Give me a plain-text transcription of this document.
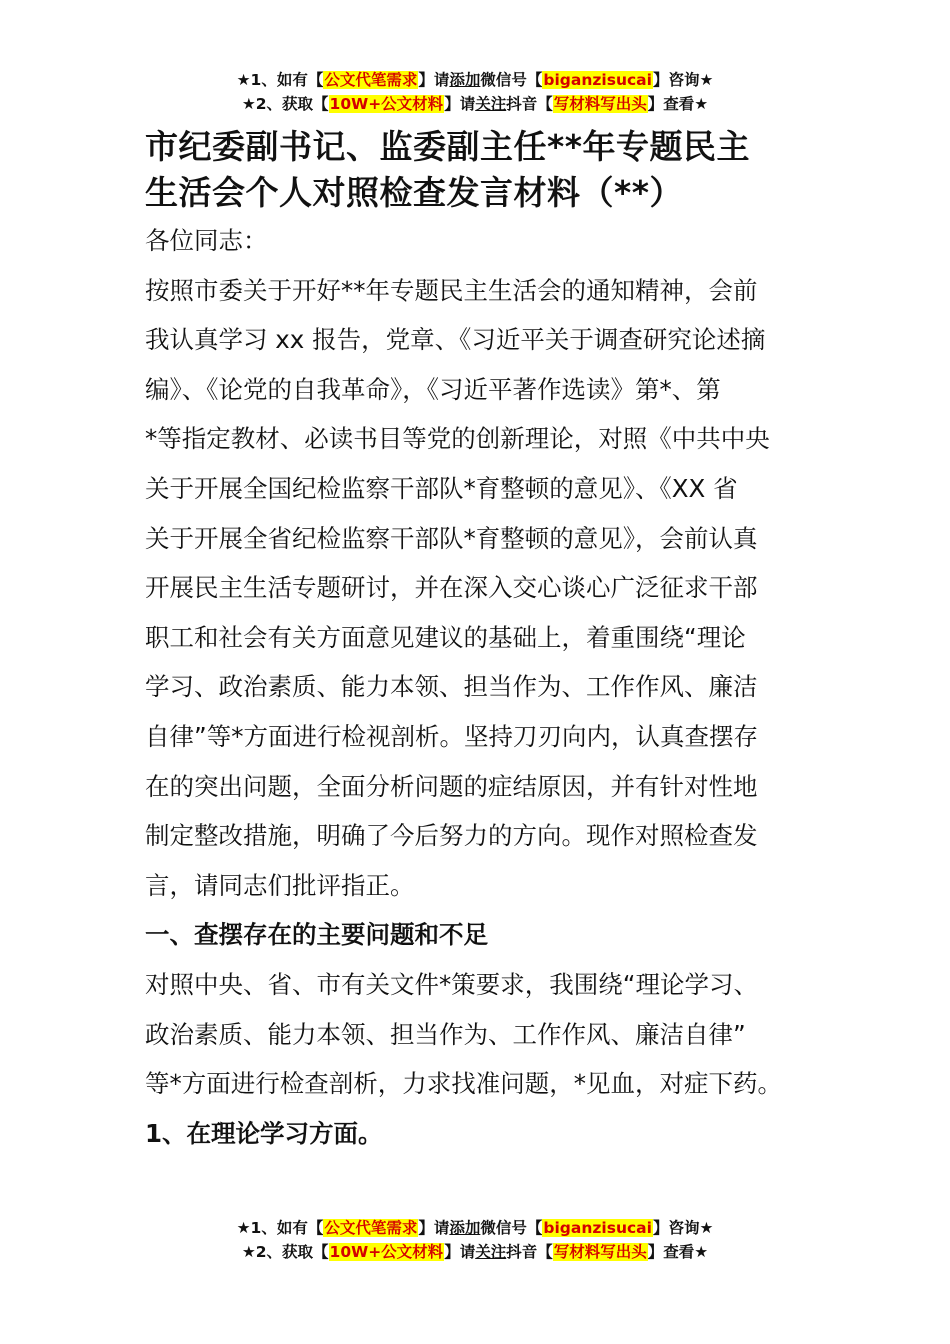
★1、如有【公文代笔需求】请添加微信号【biganzisucai】咨询★
★2、获取【10W+公文材料】请关注抖音【写材料写出头】查看★
市纪委副书记、监委副主任**年专题民主
生活会个人对照检查发言材料（**）

各位同志：

按照市委关于开好**年专题民主生活会的通知精神，会前
我认真学习 xx 报告，党章、《习近平关于调查研究论述摘
编》、《论党的自我革命》，《习近平著作选读》第*、第
*等指定教材、必读书目等党的创新理论，对照《中共中央
关于开展全国纪检监察干部队*育整顿的意见》、《XX 省
关于开展全省纪检监察干部队*育整顿的意见》，会前认真
开展民主生活专题研讨，并在深入交心谈心广泛征求干部
职工和社会有关方面意见建议的基础上，着重围绕“理论
学习、政治素质、能力本领、担当作为、工作作风、廉洁
自律”等*方面进行检视剖析。坚持刀刃向内，认真查摆存
在的突出问题，全面分析问题的症结原因，并有针对性地
制定整改措施，明确了今后努力的方向。现作对照检查发
言，请同志们批评指正。

一、查摆存在的主要问题和不足

对照中央、省、市有关文件*策要求，我围绕“理论学习、
政治素质、能力本领、担当作为、工作作风、廉洁自律”
等*方面进行检查剖析，力求找准问题，*见血，对症下药。

1、在理论学习方面。

★1、如有【公文代笔需求】请添加微信号【biganzisucai】咨询★
★2、获取【10W+公文材料】请关注抖音【写材料写出头】查看★
